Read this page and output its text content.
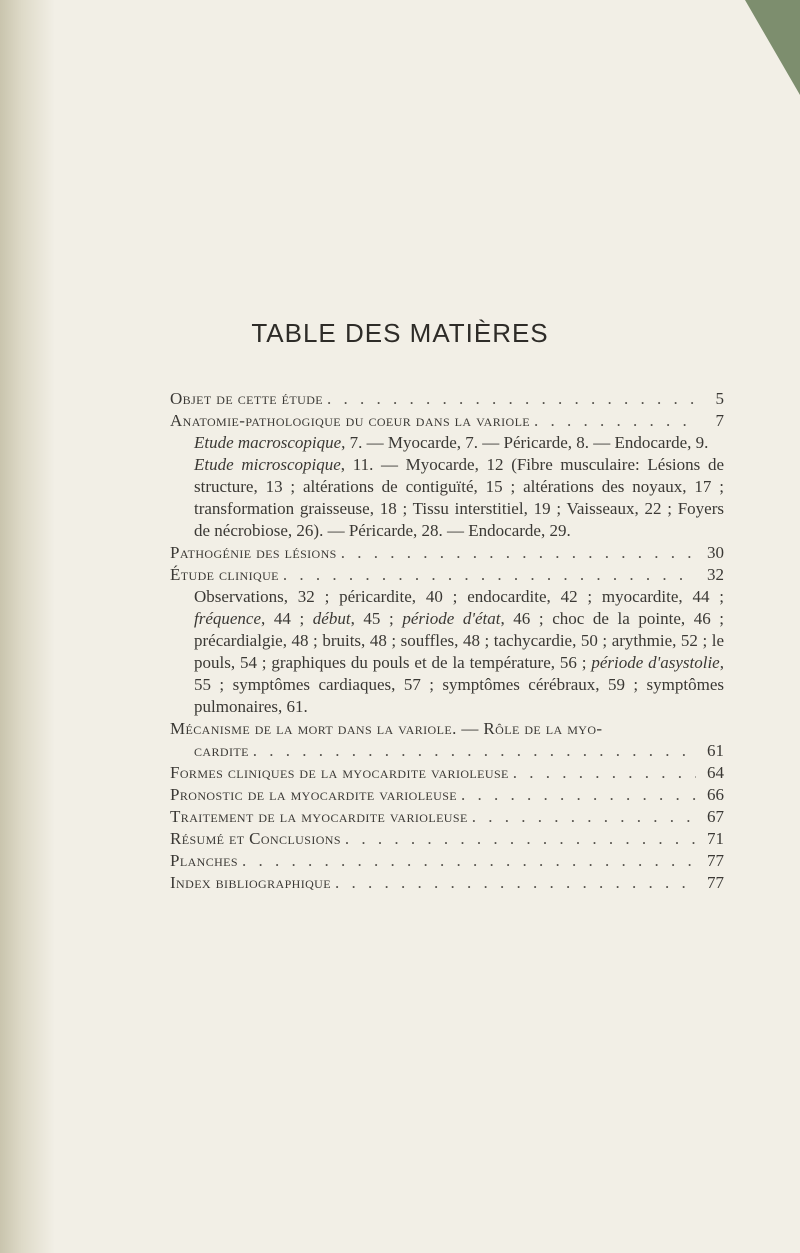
TABLE DES MATIÈRES
Objet de cette étude . . .	5
Anatomie-pathologique du coeur dans la variole . . .	7
Etude macroscopique, 7. — Myocarde, 7. — Péricarde, 8. — Endocarde, 9.
Etude microscopique, 11. — Myocarde, 12 (Fibre musculaire: Lésions de structure, 13 ; altérations de contiguïté, 15 ; altérations des noyaux, 17 ; transformation graisseuse, 18 ; Tissu interstitiel, 19 ; Vaisseaux, 22 ; Foyers de nécrobiose, 26). — Péricarde, 28. — Endocarde, 29.
Pathogénie des lésions . . .	30
Étude clinique . . .	32
Observations, 32 ; péricardite, 40 ; endocardite, 42 ; myocardite, 44 ; fréquence, 44 ; début, 45 ; période d'état, 46 ; choc de la pointe, 46 ; précardialgie, 48 ; bruits, 48 ; souffles, 48 ; tachycardie, 50 ; arythmie, 52 ; le pouls, 54 ; graphiques du pouls et de la température, 56 ; période d'asystolie, 55 ; symptômes cardiaques, 57 ; symptômes cérébraux, 59 ; symptômes pulmonaires, 61.
Mécanisme de la mort dans la variole. — Rôle de la myo-
cardite . . .	61
Formes cliniques de la myocardite varioleuse . . .	64
Pronostic de la myocardite varioleuse . . .	66
Traitement de la myocardite varioleuse . . .	67
Résumé et Conclusions . . .	71
Planches . . .	77
Index bibliographique . . .	77
